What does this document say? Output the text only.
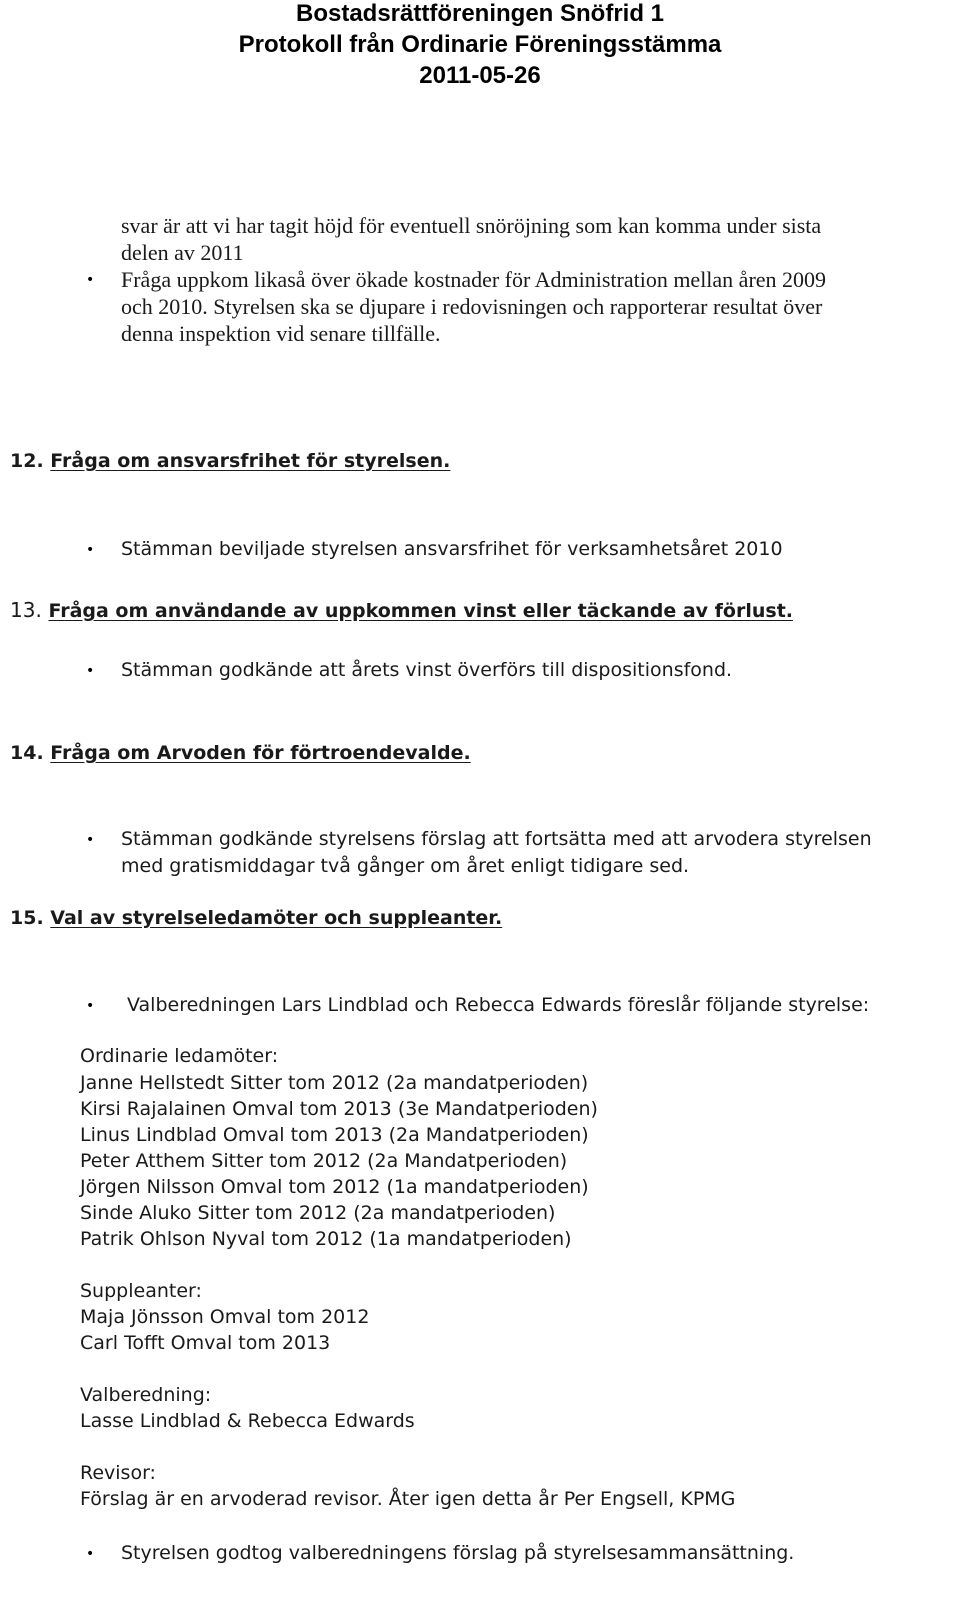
Bostadsrättföreningen Snöfrid 1
Protokoll från Ordinarie Föreningsstämma
2011-05-26
svar är att vi har tagit höjd för eventuell snöröjning som kan komma under sista
delen av 2011
• Fråga uppkom likaså över ökade kostnader för Administration mellan åren 2009
och 2010. Styrelsen ska se djupare i redovisningen och rapporterar resultat över
denna inspektion vid senare tillfälle.
12. Fråga om ansvarsfrihet för styrelsen.
• Stämman beviljade styrelsen ansvarsfrihet för verksamhetsåret 2010
13. Fråga om användande av uppkommen vinst eller täckande av förlust.
• Stämman godkände att årets vinst överförs till dispositionsfond.
14. Fråga om Arvoden för förtroendevalde.
• Stämman godkände styrelsens förslag att fortsätta med att arvodera styrelsen
med gratismiddagar två gånger om året enligt tidigare sed.
15. Val av styrelseledamöter och suppleanter.
• Valberedningen Lars Lindblad och Rebecca Edwards föreslår följande styrelse:
Ordinarie ledamöter:
Janne Hellstedt Sitter tom 2012 (2a mandatperioden)
Kirsi Rajalainen Omval tom 2013 (3e Mandatperioden)
Linus Lindblad Omval tom 2013 (2a Mandatperioden)
Peter Atthem Sitter tom 2012 (2a Mandatperioden)
Jörgen Nilsson Omval tom 2012 (1a mandatperioden)
Sinde Aluko Sitter tom 2012 (2a mandatperioden)
Patrik Ohlson Nyval tom 2012 (1a mandatperioden)
Suppleanter:
Maja Jönsson Omval tom 2012
Carl Tofft Omval tom 2013
Valberedning:
Lasse Lindblad & Rebecca Edwards
Revisor:
Förslag är en arvoderad revisor. Åter igen detta år Per Engsell, KPMG
• Styrelsen godtog valberedningens förslag på styrelsesammansättning.
